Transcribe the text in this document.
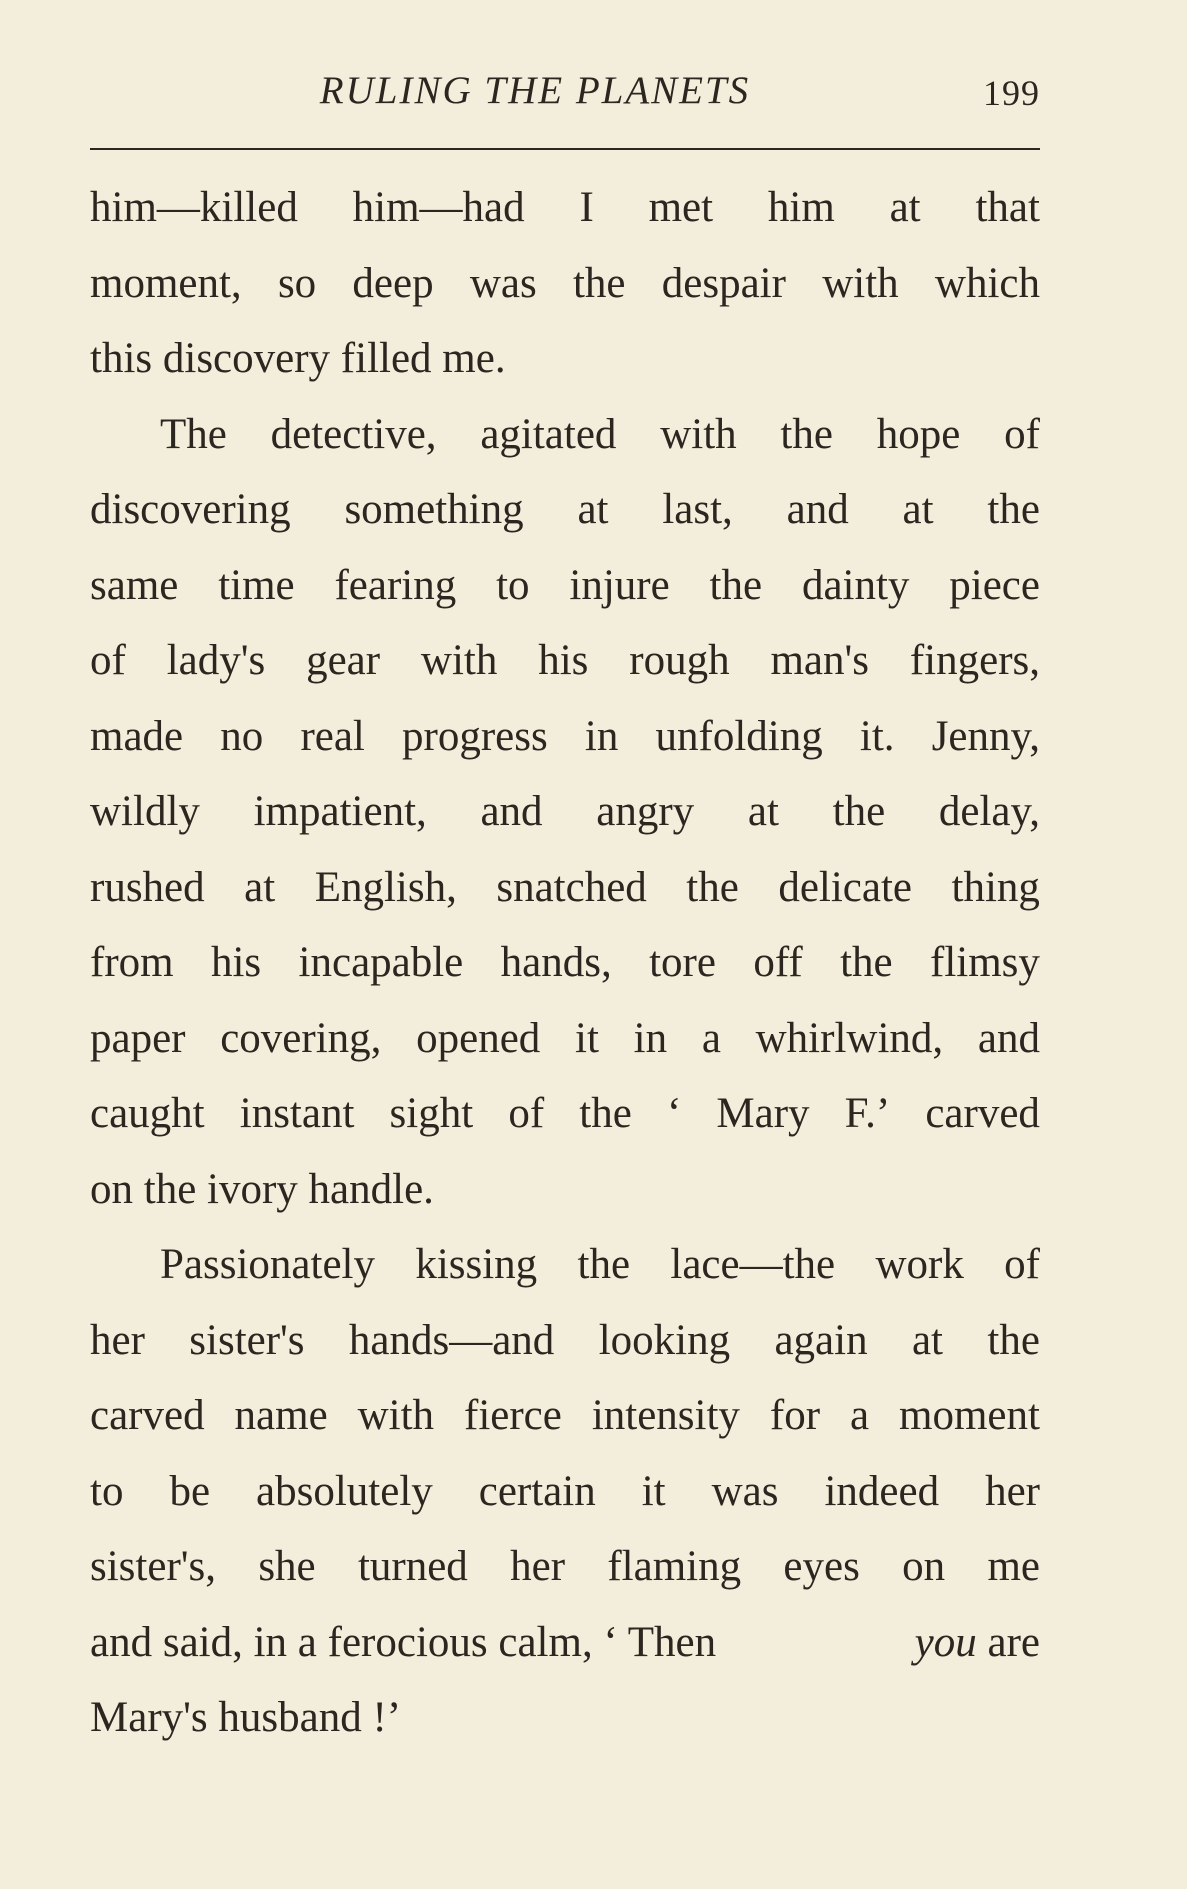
RULING THE PLANETS	199
him—killed him—had I met him at that
moment, so deep was the despair with which
this discovery filled me.
The detective, agitated with the hope of
discovering something at last, and at the
same time fearing to injure the dainty piece
of lady's gear with his rough man's fingers,
made no real progress in unfolding it. Jenny,
wildly impatient, and angry at the delay,
rushed at English, snatched the delicate thing
from his incapable hands, tore off the flimsy
paper covering, opened it in a whirlwind, and
caught instant sight of the ‘ Mary F.’ carved
on the ivory handle.
Passionately kissing the lace—the work of
her sister's hands—and looking again at the
carved name with fierce intensity for a moment
to be absolutely certain it was indeed her
sister's, she turned her flaming eyes on me
and said, in a ferocious calm, ‘ Then	you are
Mary's husband !’
